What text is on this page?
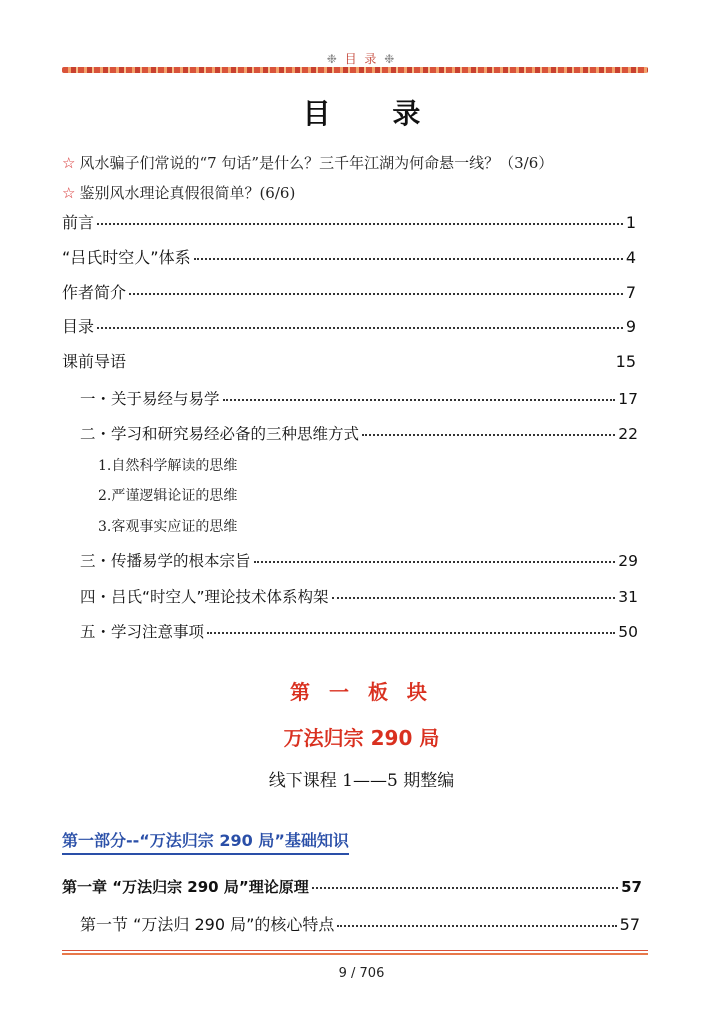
❉ 目 录 ❉
目 录
☆ 风水骗子们常说的“7 句话”是什么？三千年江湖为何命悬一线？（3/6）
☆ 鉴别风水理论真假很简单？(6/6)
前言	1
“吕氏时空人”体系	4
作者简介	7
目录	9
课前导语	15
一・关于易经与易学	17
二・学习和研究易经必备的三种思维方式	22
1.自然科学解读的思维
2.严谨逻辑论证的思维
3.客观事实应证的思维
三・传播易学的根本宗旨	29
四・吕氏“时空人”理论技术体系构架	31
五・学习注意事项	50
第 一 板 块
万法归宗 290 局
线下课程 1——5 期整编
第一部分--“万法归宗 290 局”基础知识
第一章 “万法归宗 290 局”理论原理	57
第一节 “万法归 290 局”的核心特点	57
9 / 706
